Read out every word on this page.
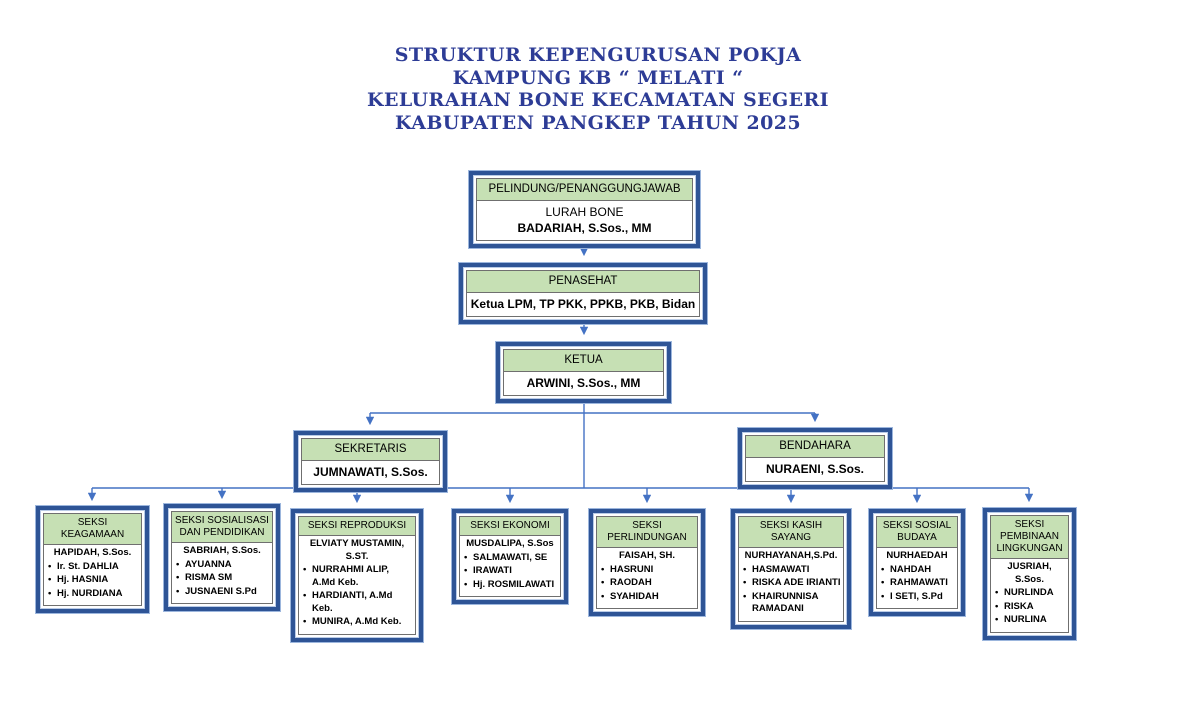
STRUKTUR KEPENGURUSAN POKJA
KAMPUNG KB “ MELATI “
KELURAHAN BONE KECAMATAN SEGERI
KABUPATEN PANGKEP TAHUN 2025
PELINDUNG/PENANGGUNGJAWAB
LURAH BONE
BADARIAH, S.Sos., MM
PENASEHAT
Ketua LPM, TP PKK, PPKB, PKB, Bidan
KETUA
ARWINI, S.Sos., MM
SEKRETARIS
JUMNAWATI, S.Sos.
BENDAHARA
NURAENI, S.Sos.
SEKSI KEAGAMAAN
HAPIDAH, S.Sos.
• Ir. St. DAHLIA
• Hj. HASNIA
• Hj. NURDIANA
SEKSI SOSIALISASI DAN PENDIDIKAN
SABRIAH, S.Sos.
• AYUANNA
• RISMA SM
• JUSNAENI S.Pd
SEKSI REPRODUKSI
ELVIATY MUSTAMIN, S.ST.
• NURRAHMI ALIP, A.Md Keb.
• HARDIANTI, A.Md Keb.
• MUNIRA, A.Md Keb.
SEKSI EKONOMI
MUSDALIPA, S.Sos
• SALMAWATI, SE
• IRAWATI
• Hj. ROSMILAWATI
SEKSI PERLINDUNGAN
FAISAH, SH.
• HASRUNI
• RAODAH
• SYAHIDAH
SEKSI KASIH SAYANG
NURHAYANAH,S.Pd.
• HASMAWATI
• RISKA ADE IRIANTI
• KHAIRUNNISA RAMADANI
SEKSI SOSIAL BUDAYA
NURHAEDAH
• NAHDAH
• RAHMAWATI
• I SETI, S.Pd
SEKSI PEMBINAAN LINGKUNGAN
JUSRIAH, S.Sos.
• NURLINDA
• RISKA
• NURLINA
